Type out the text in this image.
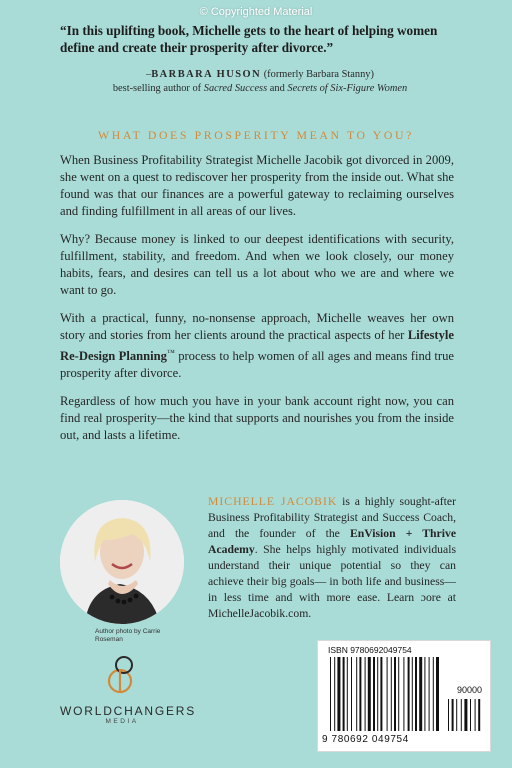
© Copyrighted Material
“In this uplifting book, Michelle gets to the heart of helping women define and create their prosperity after divorce.”
–BARBARA HUSON (formerly Barbara Stanny)
best-selling author of Sacred Success and Secrets of Six-Figure Women
WHAT DOES PROSPERITY MEAN TO YOU?

When Business Profitability Strategist Michelle Jacobik got divorced in 2009, she went on a quest to rediscover her prosperity from the inside out. What she found was that our finances are a powerful gateway to reclaiming ourselves and finding fulfillment in all areas of our lives.

Why? Because money is linked to our deepest identifications with security, fulfillment, stability, and freedom. And when we look closely, our money habits, fears, and desires can tell us a lot about who we are and where we want to go.

With a practical, funny, no-nonsense approach, Michelle weaves her own story and stories from her clients around the practical aspects of her Lifestyle Re-Design Planning™ process to help women of all ages and means find true prosperity after divorce.

Regardless of how much you have in your bank account right now, you can find real prosperity—the kind that supports and nourishes you from the inside out, and lasts a lifetime.

Author photo by Carrie Roseman
MICHELLE JACOBIK is a highly sought-after Business Profitability Strategist and Success Coach, and the founder of the EnVision + Thrive Academy. She helps highly motivated individuals understand their unique potential so they can achieve their big goals— in both life and business—in less time and with more ease. Learn ɔore at MichelleJacobik.com.
WORLDCHANGERS
MEDIA
ISBN 9780692049754
90000
9 780692 049754
